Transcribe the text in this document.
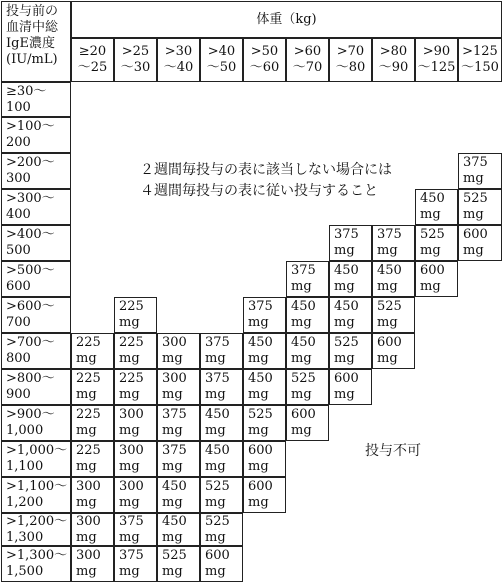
投与前の
血清中総
IgE濃度
(IU/mL)
体重（kg)
≥20
〜25
>25
〜30
>30
〜40
>40
〜50
>50
〜60
>60
〜70
>70
〜80
>80
〜90
>90
〜125
>125
〜150
≥30〜
100
>100〜
200
>200〜
300
>300〜
400
>400〜
500
>500〜
600
>600〜
700
>700〜
800
>800〜
900
>900〜
1,000
>1,000〜
1,100
>1,100〜
1,200
>1,200〜
1,300
>1,300〜
1,500
375
mg
450
mg
525
mg
375
mg
375
mg
525
mg
600
mg
375
mg
450
mg
450
mg
600
mg
225
mg
375
mg
450
mg
450
mg
525
mg
225
mg
225
mg
300
mg
375
mg
450
mg
450
mg
525
mg
600
mg
225
mg
225
mg
300
mg
375
mg
450
mg
525
mg
600
mg
225
mg
300
mg
375
mg
450
mg
525
mg
600
mg
225
mg
300
mg
375
mg
450
mg
600
mg
300
mg
300
mg
450
mg
525
mg
600
mg
300
mg
375
mg
450
mg
525
mg
300
mg
375
mg
525
mg
600
mg
２週間毎投与の表に該当しない場合には
４週間毎投与の表に従い投与すること
投与不可
